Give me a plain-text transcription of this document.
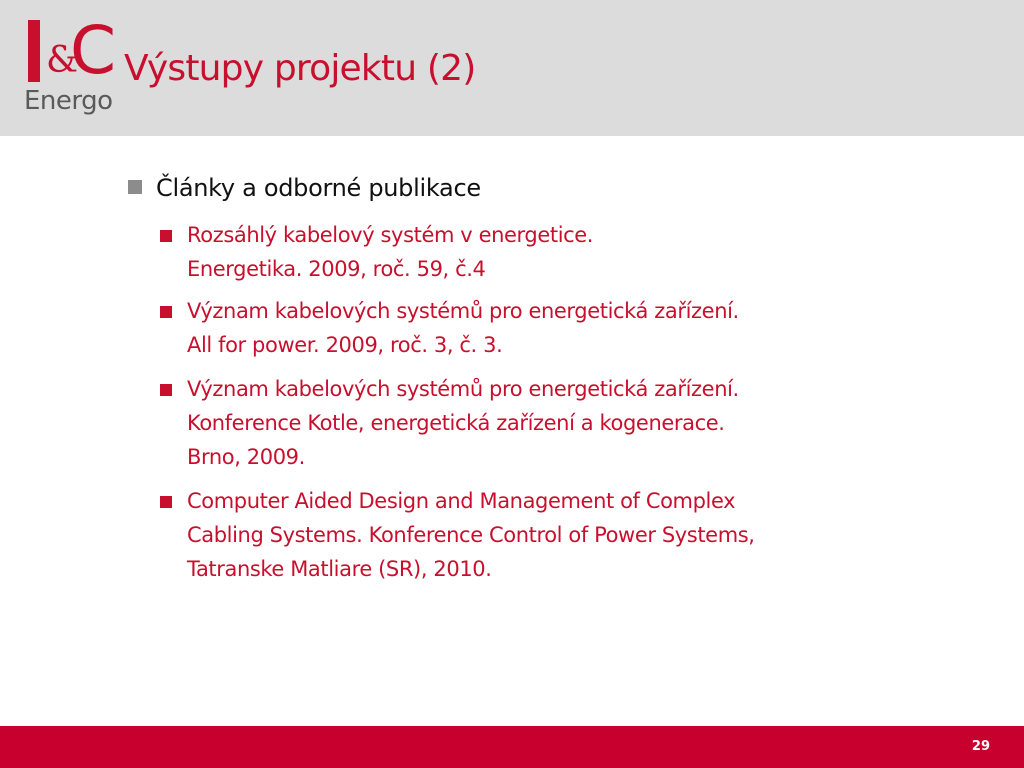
&
C
Energo
Výstupy projektu (2)
Články a odborné publikace
Rozsáhlý kabelový systém v energetice.
Energetika. 2009, roč. 59, č.4
Význam kabelových systémů pro energetická zařízení.
All for power. 2009, roč. 3, č. 3.
Význam kabelových systémů pro energetická zařízení.
Konference Kotle, energetická zařízení a kogenerace.
Brno, 2009.
Computer Aided Design and Management of Complex
Cabling Systems. Konference Control of Power Systems,
Tatranske Matliare (SR), 2010.
29
